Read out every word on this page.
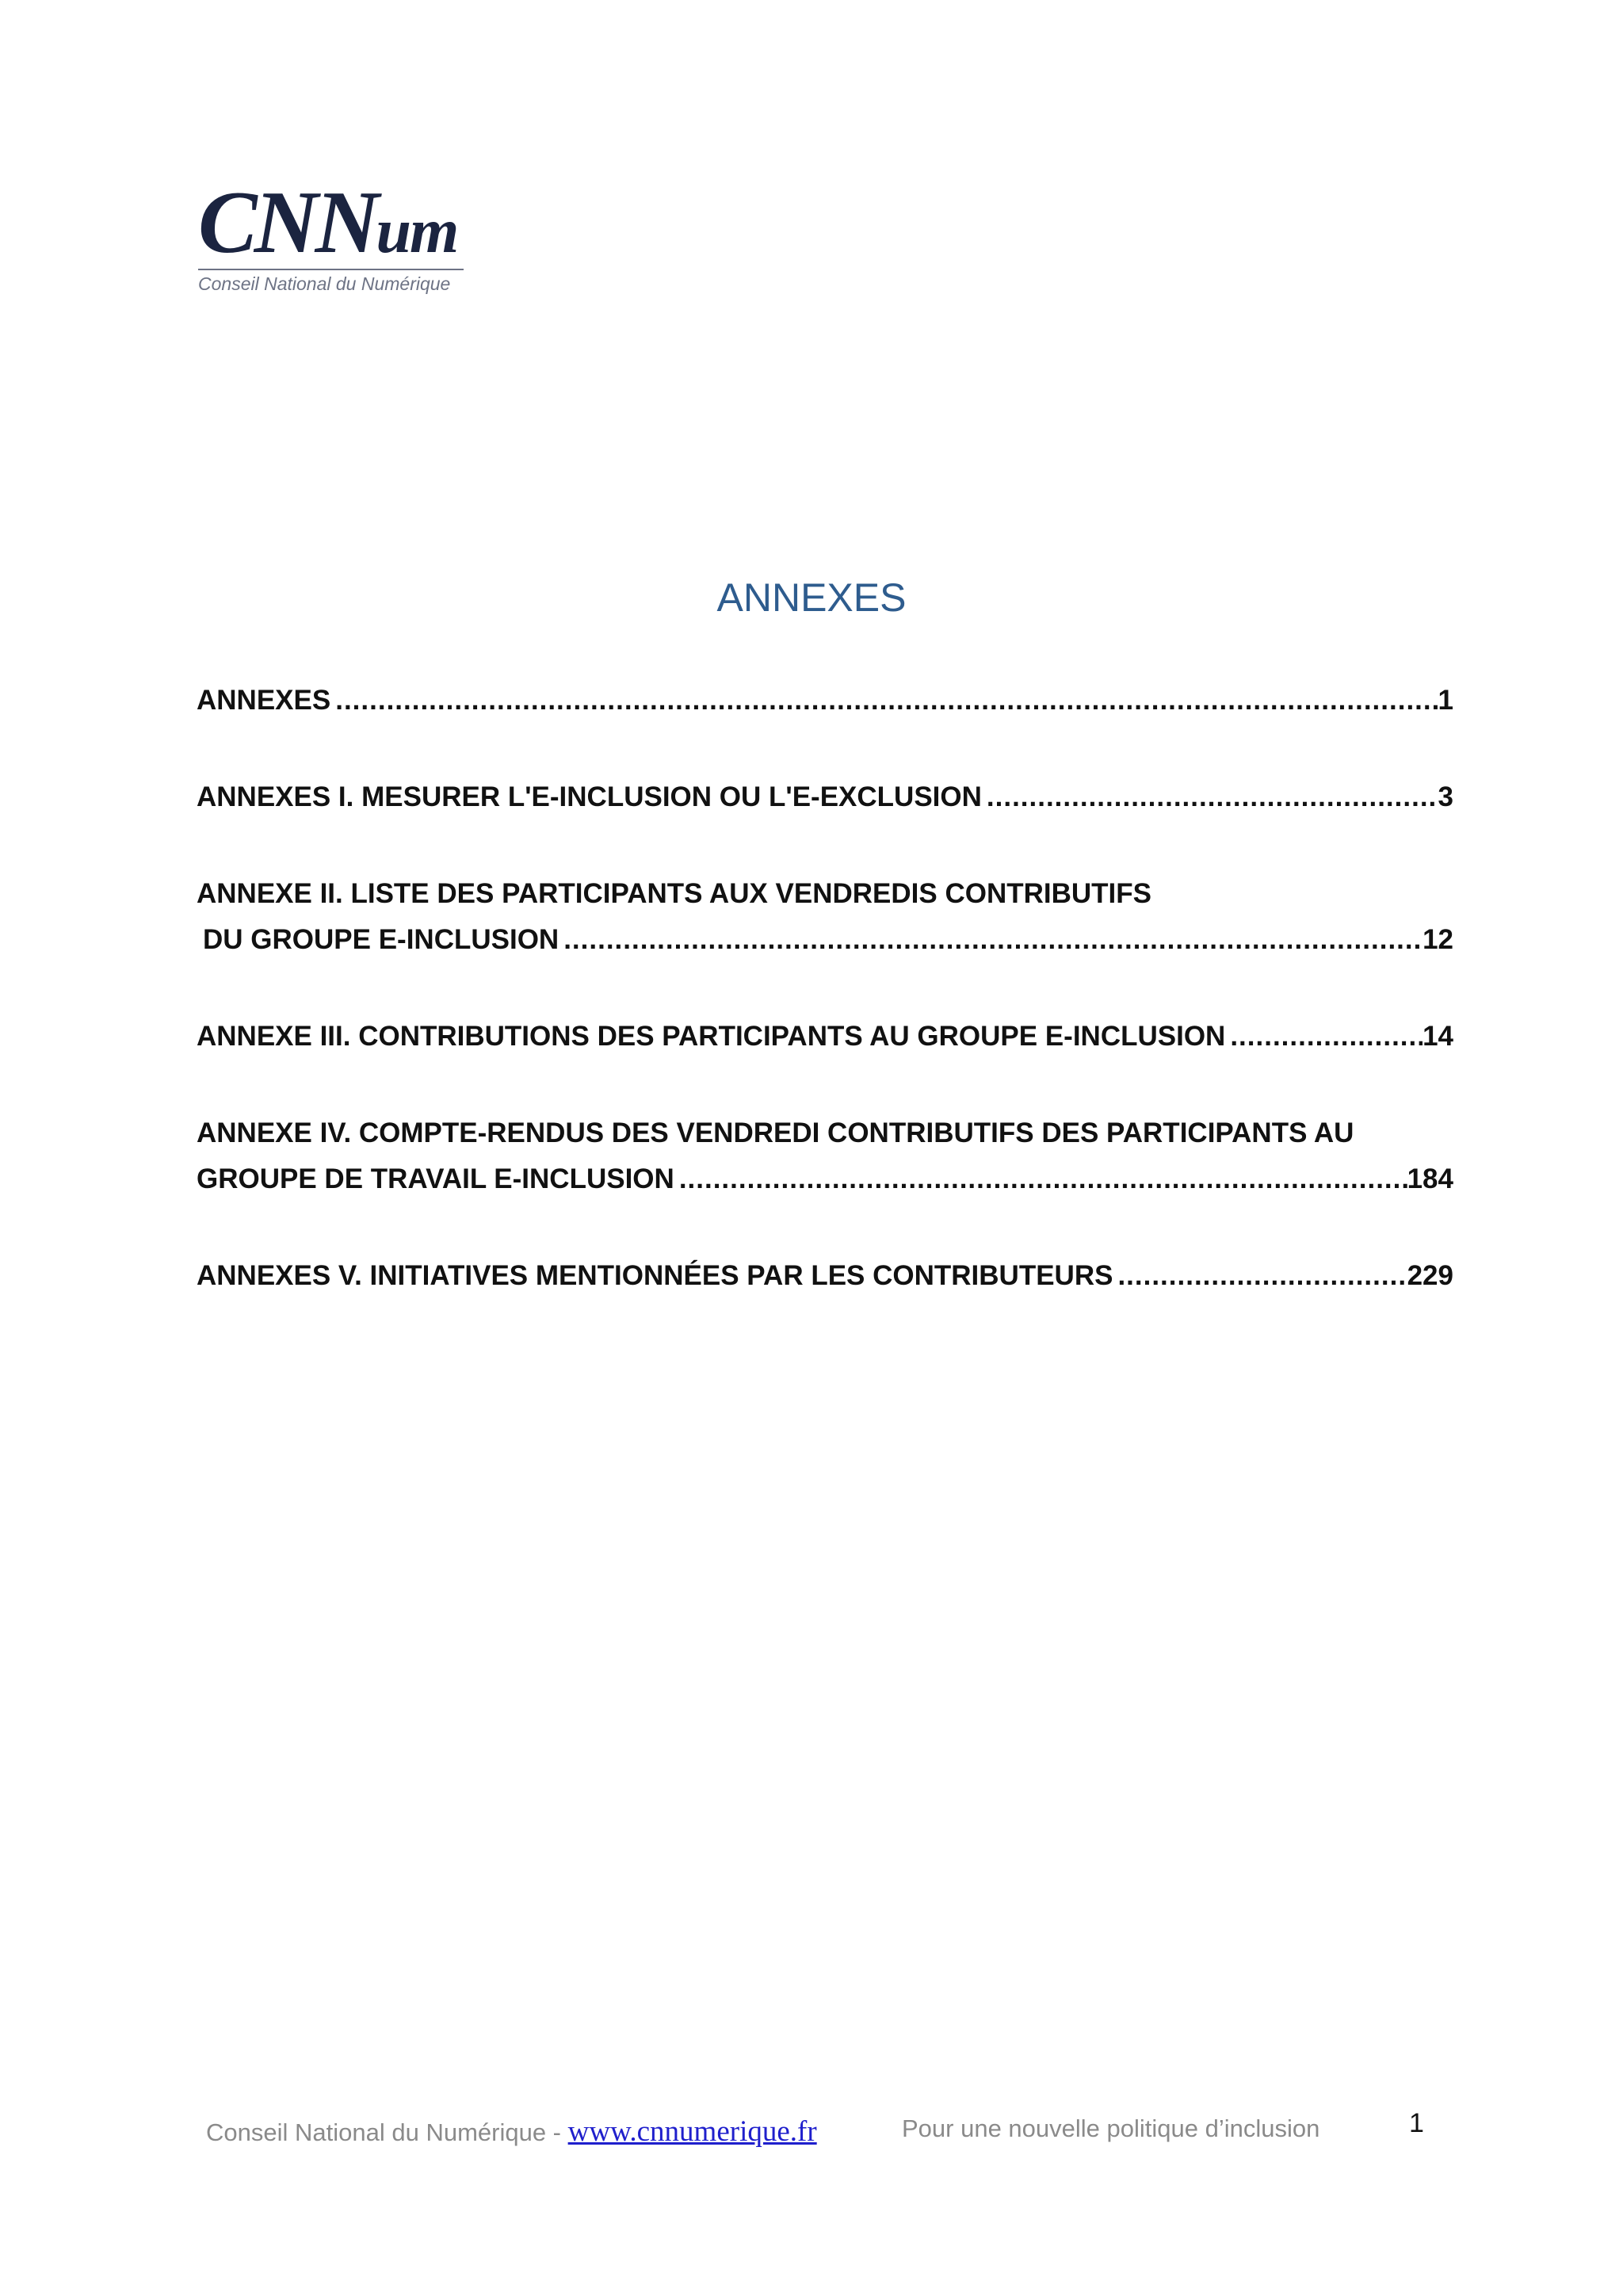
CNNum
Conseil National du Numérique
ANNEXES
ANNEXES .....	1
ANNEXES I. MESURER L'E-INCLUSION OU L'E-EXCLUSION .....	3
ANNEXE II. LISTE DES PARTICIPANTS AUX VENDREDIS CONTRIBUTIFS
DU GROUPE E-INCLUSION .....	12
ANNEXE III. CONTRIBUTIONS DES PARTICIPANTS AU GROUPE E-INCLUSION .....	14
ANNEXE IV. COMPTE-RENDUS DES VENDREDI CONTRIBUTIFS DES PARTICIPANTS AU
GROUPE DE TRAVAIL E-INCLUSION .....	184
ANNEXES V. INITIATIVES MENTIONNÉES PAR LES CONTRIBUTEURS .....	229
Conseil National du Numérique - www.cnnumerique.fr	Pour une nouvelle politique d’inclusion	1
